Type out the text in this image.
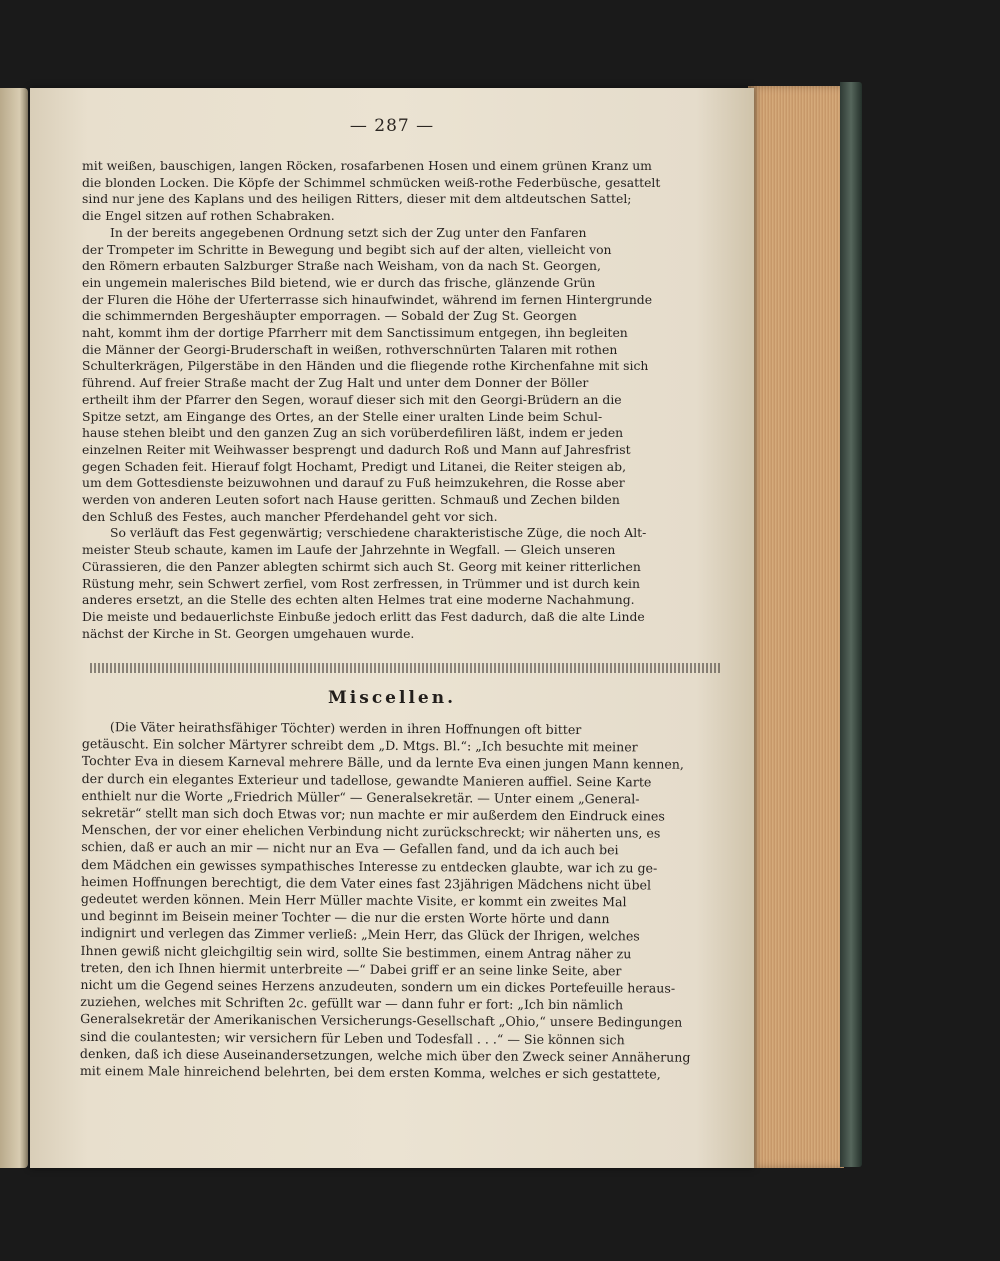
— 287 —
mit weißen, bauschigen, langen Röcken, rosafarbenen Hosen und einem grünen Kranz um
die blonden Locken. Die Köpfe der Schimmel schmücken weiß-rothe Federbüsche, gesattelt
sind nur jene des Kaplans und des heiligen Ritters, dieser mit dem altdeutschen Sattel;
die Engel sitzen auf rothen Schabraken.
In der bereits angegebenen Ordnung setzt sich der Zug unter den Fanfaren
der Trompeter im Schritte in Bewegung und begibt sich auf der alten, vielleicht von
den Römern erbauten Salzburger Straße nach Weisham, von da nach St. Georgen,
ein ungemein malerisches Bild bietend, wie er durch das frische, glänzende Grün
der Fluren die Höhe der Uferterrasse sich hinaufwindet, während im fernen Hintergrunde
die schimmernden Bergeshäupter emporragen. — Sobald der Zug St. Georgen
naht, kommt ihm der dortige Pfarrherr mit dem Sanctissimum entgegen, ihn begleiten
die Männer der Georgi-Bruderschaft in weißen, rothverschnürten Talaren mit rothen
Schulterkrägen, Pilgerstäbe in den Händen und die fliegende rothe Kirchenfahne mit sich
führend. Auf freier Straße macht der Zug Halt und unter dem Donner der Böller
ertheilt ihm der Pfarrer den Segen, worauf dieser sich mit den Georgi-Brüdern an die
Spitze setzt, am Eingange des Ortes, an der Stelle einer uralten Linde beim Schul-
hause stehen bleibt und den ganzen Zug an sich vorüberdefiliren läßt, indem er jeden
einzelnen Reiter mit Weihwasser besprengt und dadurch Roß und Mann auf Jahresfrist
gegen Schaden feit. Hierauf folgt Hochamt, Predigt und Litanei, die Reiter steigen ab,
um dem Gottesdienste beizuwohnen und darauf zu Fuß heimzukehren, die Rosse aber
werden von anderen Leuten sofort nach Hause geritten. Schmauß und Zechen bilden
den Schluß des Festes, auch mancher Pferdehandel geht vor sich.
So verläuft das Fest gegenwärtig; verschiedene charakteristische Züge, die noch Alt-
meister Steub schaute, kamen im Laufe der Jahrzehnte in Wegfall. — Gleich unseren
Cürassieren, die den Panzer ablegten schirmt sich auch St. Georg mit keiner ritterlichen
Rüstung mehr, sein Schwert zerfiel, vom Rost zerfressen, in Trümmer und ist durch kein
anderes ersetzt, an die Stelle des echten alten Helmes trat eine moderne Nachahmung.
Die meiste und bedauerlichste Einbuße jedoch erlitt das Fest dadurch, daß die alte Linde
nächst der Kirche in St. Georgen umgehauen wurde.
Miscellen.
(Die Väter heirathsfähiger Töchter) werden in ihren Hoffnungen oft bitter
getäuscht. Ein solcher Märtyrer schreibt dem „D. Mtgs. Bl.“: „Ich besuchte mit meiner
Tochter Eva in diesem Karneval mehrere Bälle, und da lernte Eva einen jungen Mann kennen,
der durch ein elegantes Exterieur und tadellose, gewandte Manieren auffiel. Seine Karte
enthielt nur die Worte „Friedrich Müller“ — Generalsekretär. — Unter einem „General-
sekretär“ stellt man sich doch Etwas vor; nun machte er mir außerdem den Eindruck eines
Menschen, der vor einer ehelichen Verbindung nicht zurückschreckt; wir näherten uns, es
schien, daß er auch an mir — nicht nur an Eva — Gefallen fand, und da ich auch bei
dem Mädchen ein gewisses sympathisches Interesse zu entdecken glaubte, war ich zu ge-
heimen Hoffnungen berechtigt, die dem Vater eines fast 23jährigen Mädchens nicht übel
gedeutet werden können. Mein Herr Müller machte Visite, er kommt ein zweites Mal
und beginnt im Beisein meiner Tochter — die nur die ersten Worte hörte und dann
indignirt und verlegen das Zimmer verließ: „Mein Herr, das Glück der Ihrigen, welches
Ihnen gewiß nicht gleichgiltig sein wird, sollte Sie bestimmen, einem Antrag näher zu
treten, den ich Ihnen hiermit unterbreite —“ Dabei griff er an seine linke Seite, aber
nicht um die Gegend seines Herzens anzudeuten, sondern um ein dickes Portefeuille heraus-
zuziehen, welches mit Schriften 2c. gefüllt war — dann fuhr er fort: „Ich bin nämlich
Generalsekretär der Amerikanischen Versicherungs-Gesellschaft „Ohio,“ unsere Bedingungen
sind die coulantesten; wir versichern für Leben und Todesfall . . .“ — Sie können sich
denken, daß ich diese Auseinandersetzungen, welche mich über den Zweck seiner Annäherung
mit einem Male hinreichend belehrten, bei dem ersten Komma, welches er sich gestattete,
